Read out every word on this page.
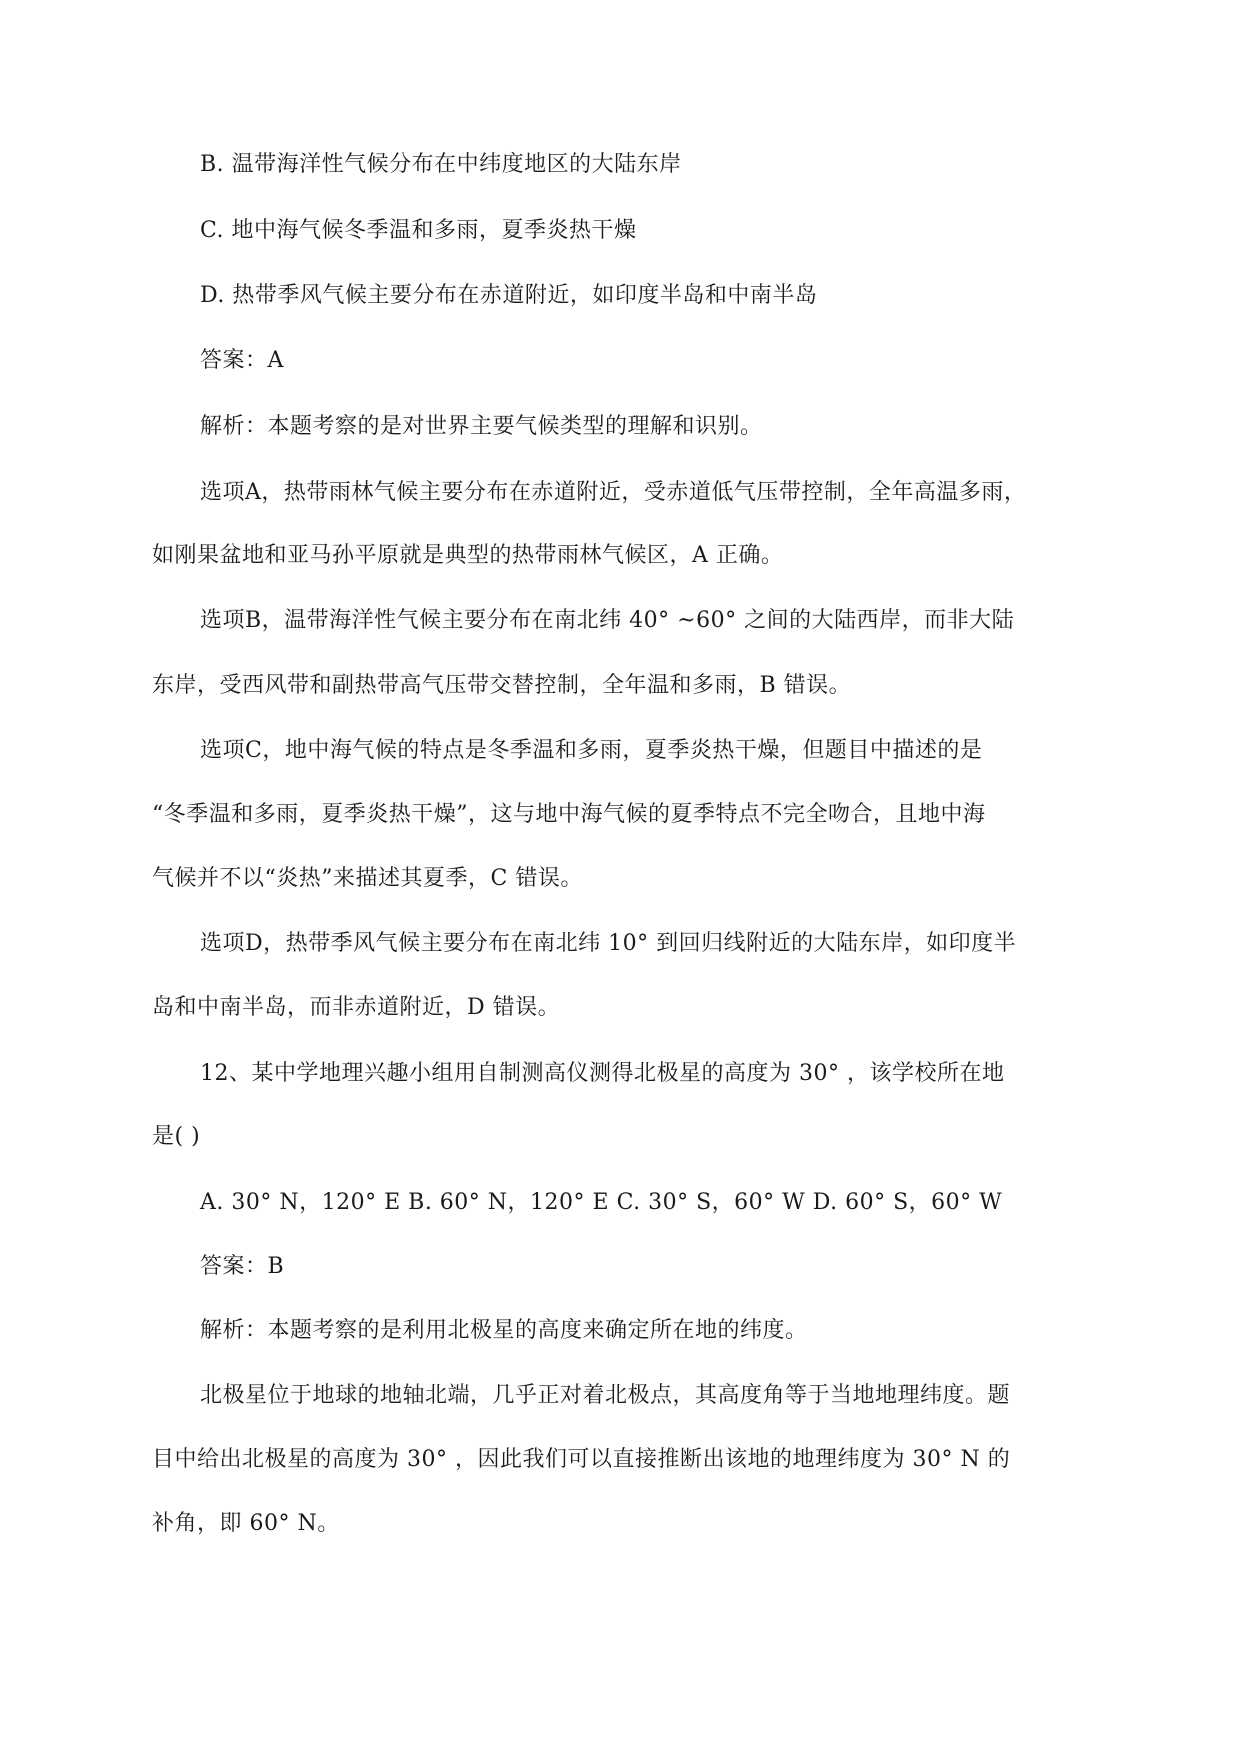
B. 温带海洋性气候分布在中纬度地区的大陆东岸
C. 地中海气候冬季温和多雨，夏季炎热干燥
D. 热带季风气候主要分布在赤道附近，如印度半岛和中南半岛
答案：A
解析：本题考察的是对世界主要气候类型的理解和识别。
选项A，热带雨林气候主要分布在赤道附近，受赤道低气压带控制，全年高温多雨，
如刚果盆地和亚马孙平原就是典型的热带雨林气候区，A 正确。
选项B，温带海洋性气候主要分布在南北纬 40° ~60° 之间的大陆西岸，而非大陆
东岸，受西风带和副热带高气压带交替控制，全年温和多雨，B 错误。
选项C，地中海气候的特点是冬季温和多雨，夏季炎热干燥，但题目中描述的是
“冬季温和多雨，夏季炎热干燥”，这与地中海气候的夏季特点不完全吻合，且地中海
气候并不以“炎热”来描述其夏季，C 错误。
选项D，热带季风气候主要分布在南北纬 10° 到回归线附近的大陆东岸，如印度半
岛和中南半岛，而非赤道附近，D 错误。
12、某中学地理兴趣小组用自制测高仪测得北极星的高度为 30° ，该学校所在地
是( )
A. 30° N，120° E B. 60° N，120° E C. 30° S，60° W D. 60° S，60° W
答案：B
解析：本题考察的是利用北极星的高度来确定所在地的纬度。
北极星位于地球的地轴北端，几乎正对着北极点，其高度角等于当地地理纬度。题
目中给出北极星的高度为 30° ，因此我们可以直接推断出该地的地理纬度为 30° N 的
补角，即 60° N。
